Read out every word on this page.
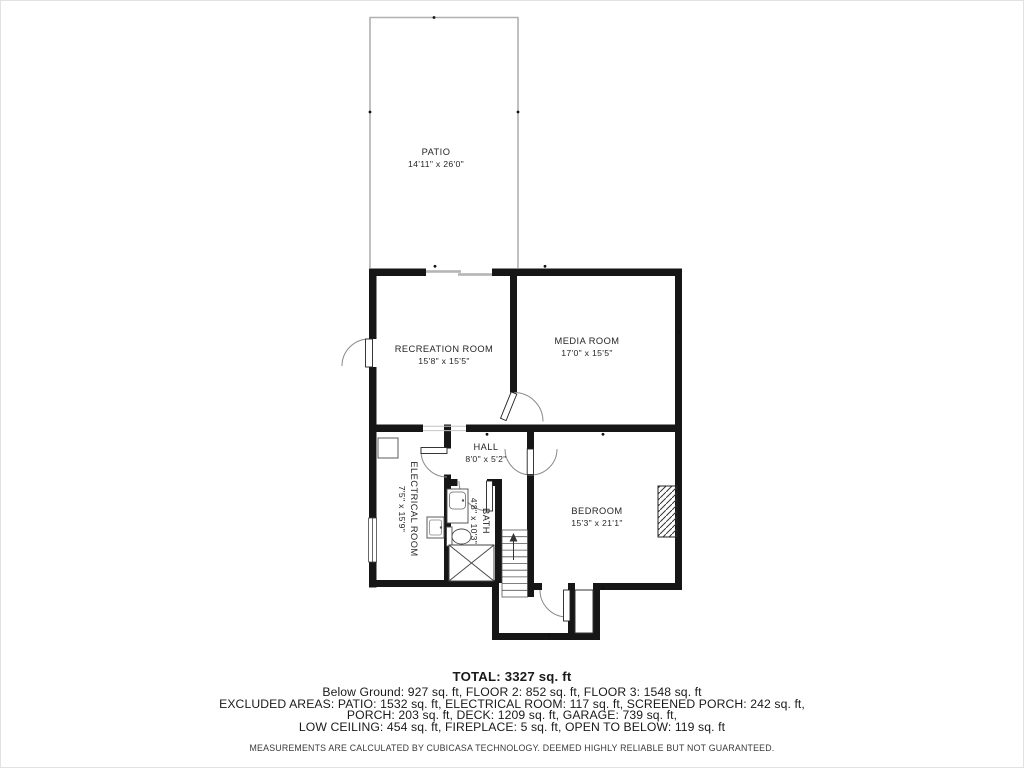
PATIO
14'11" x 26'0"
RECREATION ROOM
15'8" x 15'5"
MEDIA ROOM
17'0" x 15'5"
HALL
8'0" x 5'2"
ELECTRICAL ROOM
7'5" x 15'9"	BATH
4'8" x 10'3"	BEDROOM
15'3" x 21'1"
TOTAL: 3327 sq. ft
Below Ground: 927 sq. ft, FLOOR 2: 852 sq. ft, FLOOR 3: 1548 sq. ft
EXCLUDED AREAS: PATIO: 1532 sq. ft, ELECTRICAL ROOM: 117 sq. ft, SCREENED PORCH: 242 sq. ft,
PORCH: 203 sq. ft, DECK: 1209 sq. ft, GARAGE: 739 sq. ft,
LOW CEILING: 454 sq. ft, FIREPLACE: 5 sq. ft, OPEN TO BELOW: 119 sq. ft
MEASUREMENTS ARE CALCULATED BY CUBICASA TECHNOLOGY. DEEMED HIGHLY RELIABLE BUT NOT GUARANTEED.
